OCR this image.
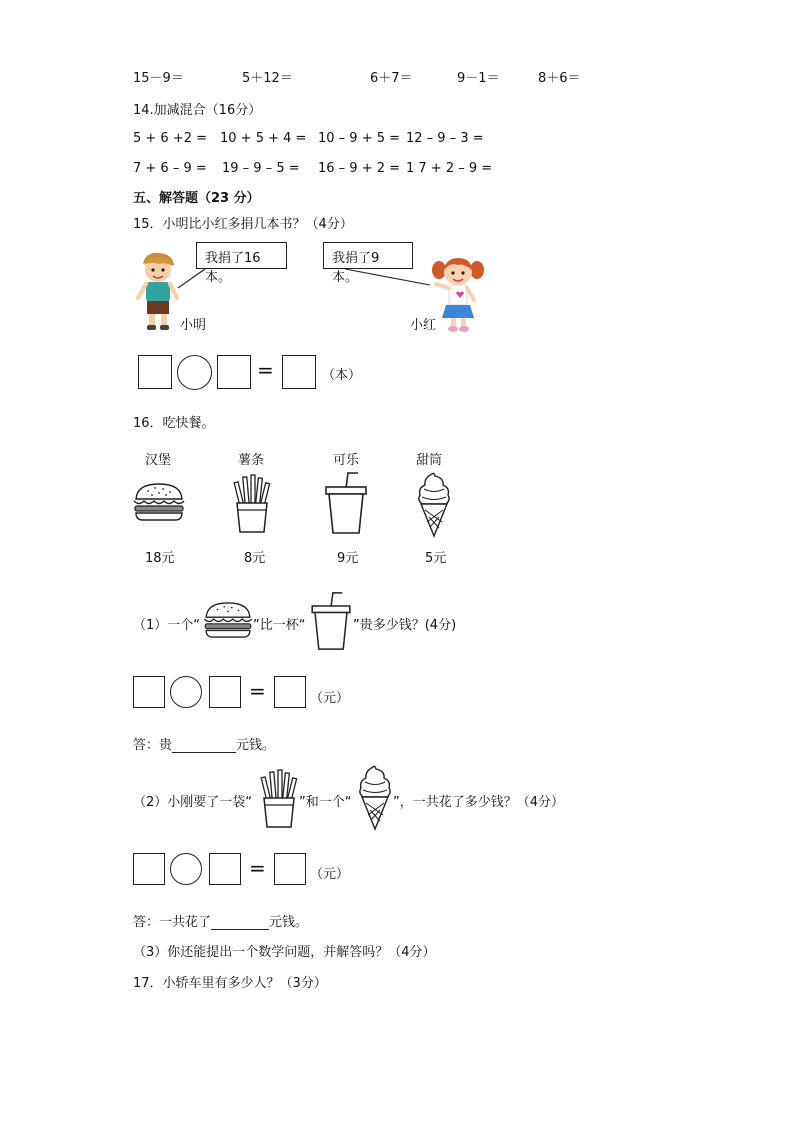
15－9＝	5＋12＝	6＋7＝	9－1＝	8＋6＝
14.加减混合（16分）
5 + 6 +2 = 10 + 5 + 4 = 10 – 9 + 5 = 12 – 9 – 3 =
7 + 6 – 9 = 19 – 9 – 5 = 16 – 9 + 2 = 1 7 + 2 – 9 =
五、解答题（23 分）
15．小明比小红多捐几本书？（4分）
我捐了16本。
我捐了9本。
小明	小红
=	（本）
16．吃快餐。
汉堡	薯条	可乐	甜筒
18元	8元	9元	5元
（1）一个“	”比一杯“	”贵多少钱？(4分)
=	（元）
答：贵	元钱。
（2）小刚要了一袋“	”和一个“	”，一共花了多少钱？（4分）
=	（元）
答：一共花了	元钱。
（3）你还能提出一个数学问题，并解答吗？（4分）
17．小轿车里有多少人？（3分）
